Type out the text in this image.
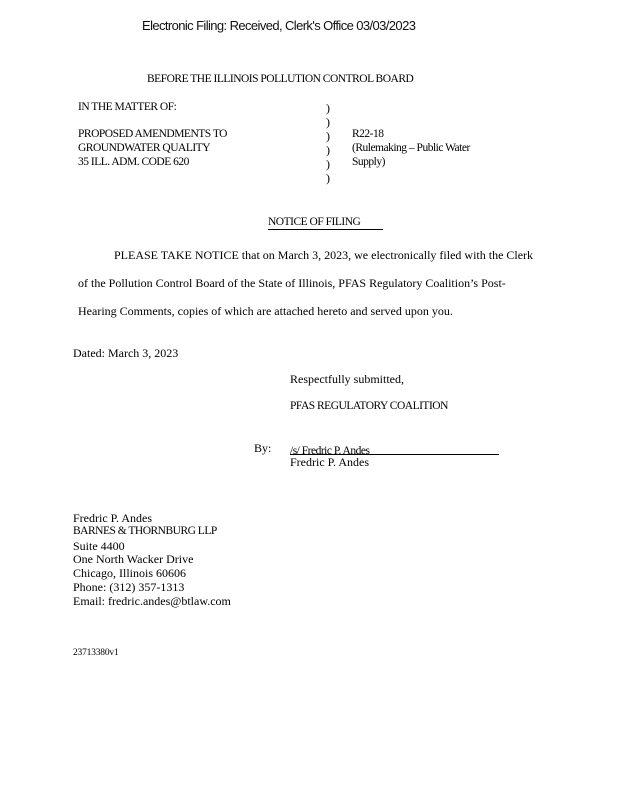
Electronic Filing: Received, Clerk's Office 03/03/2023
BEFORE THE ILLINOIS POLLUTION CONTROL BOARD
IN THE MATTER OF:
PROPOSED AMENDMENTS TO
GROUNDWATER QUALITY
35 ILL. ADM. CODE 620
)
)
)
)
)
)
R22-18
(Rulemaking – Public Water
Supply)
NOTICE OF FILING
PLEASE TAKE NOTICE that on March 3, 2023, we electronically filed with the Clerk
of the Pollution Control Board of the State of Illinois, PFAS Regulatory Coalition’s Post-
Hearing Comments, copies of which are attached hereto and served upon you.
Dated: March 3, 2023
Respectfully submitted,
PFAS REGULATORY COALITION
By: /s/ Fredric P. Andes
Fredric P. Andes
Fredric P. Andes
BARNES & THORNBURG LLP
Suite 4400
One North Wacker Drive
Chicago, Illinois 60606
Phone: (312) 357-1313
Email: fredric.andes@btlaw.com
23713380v1
